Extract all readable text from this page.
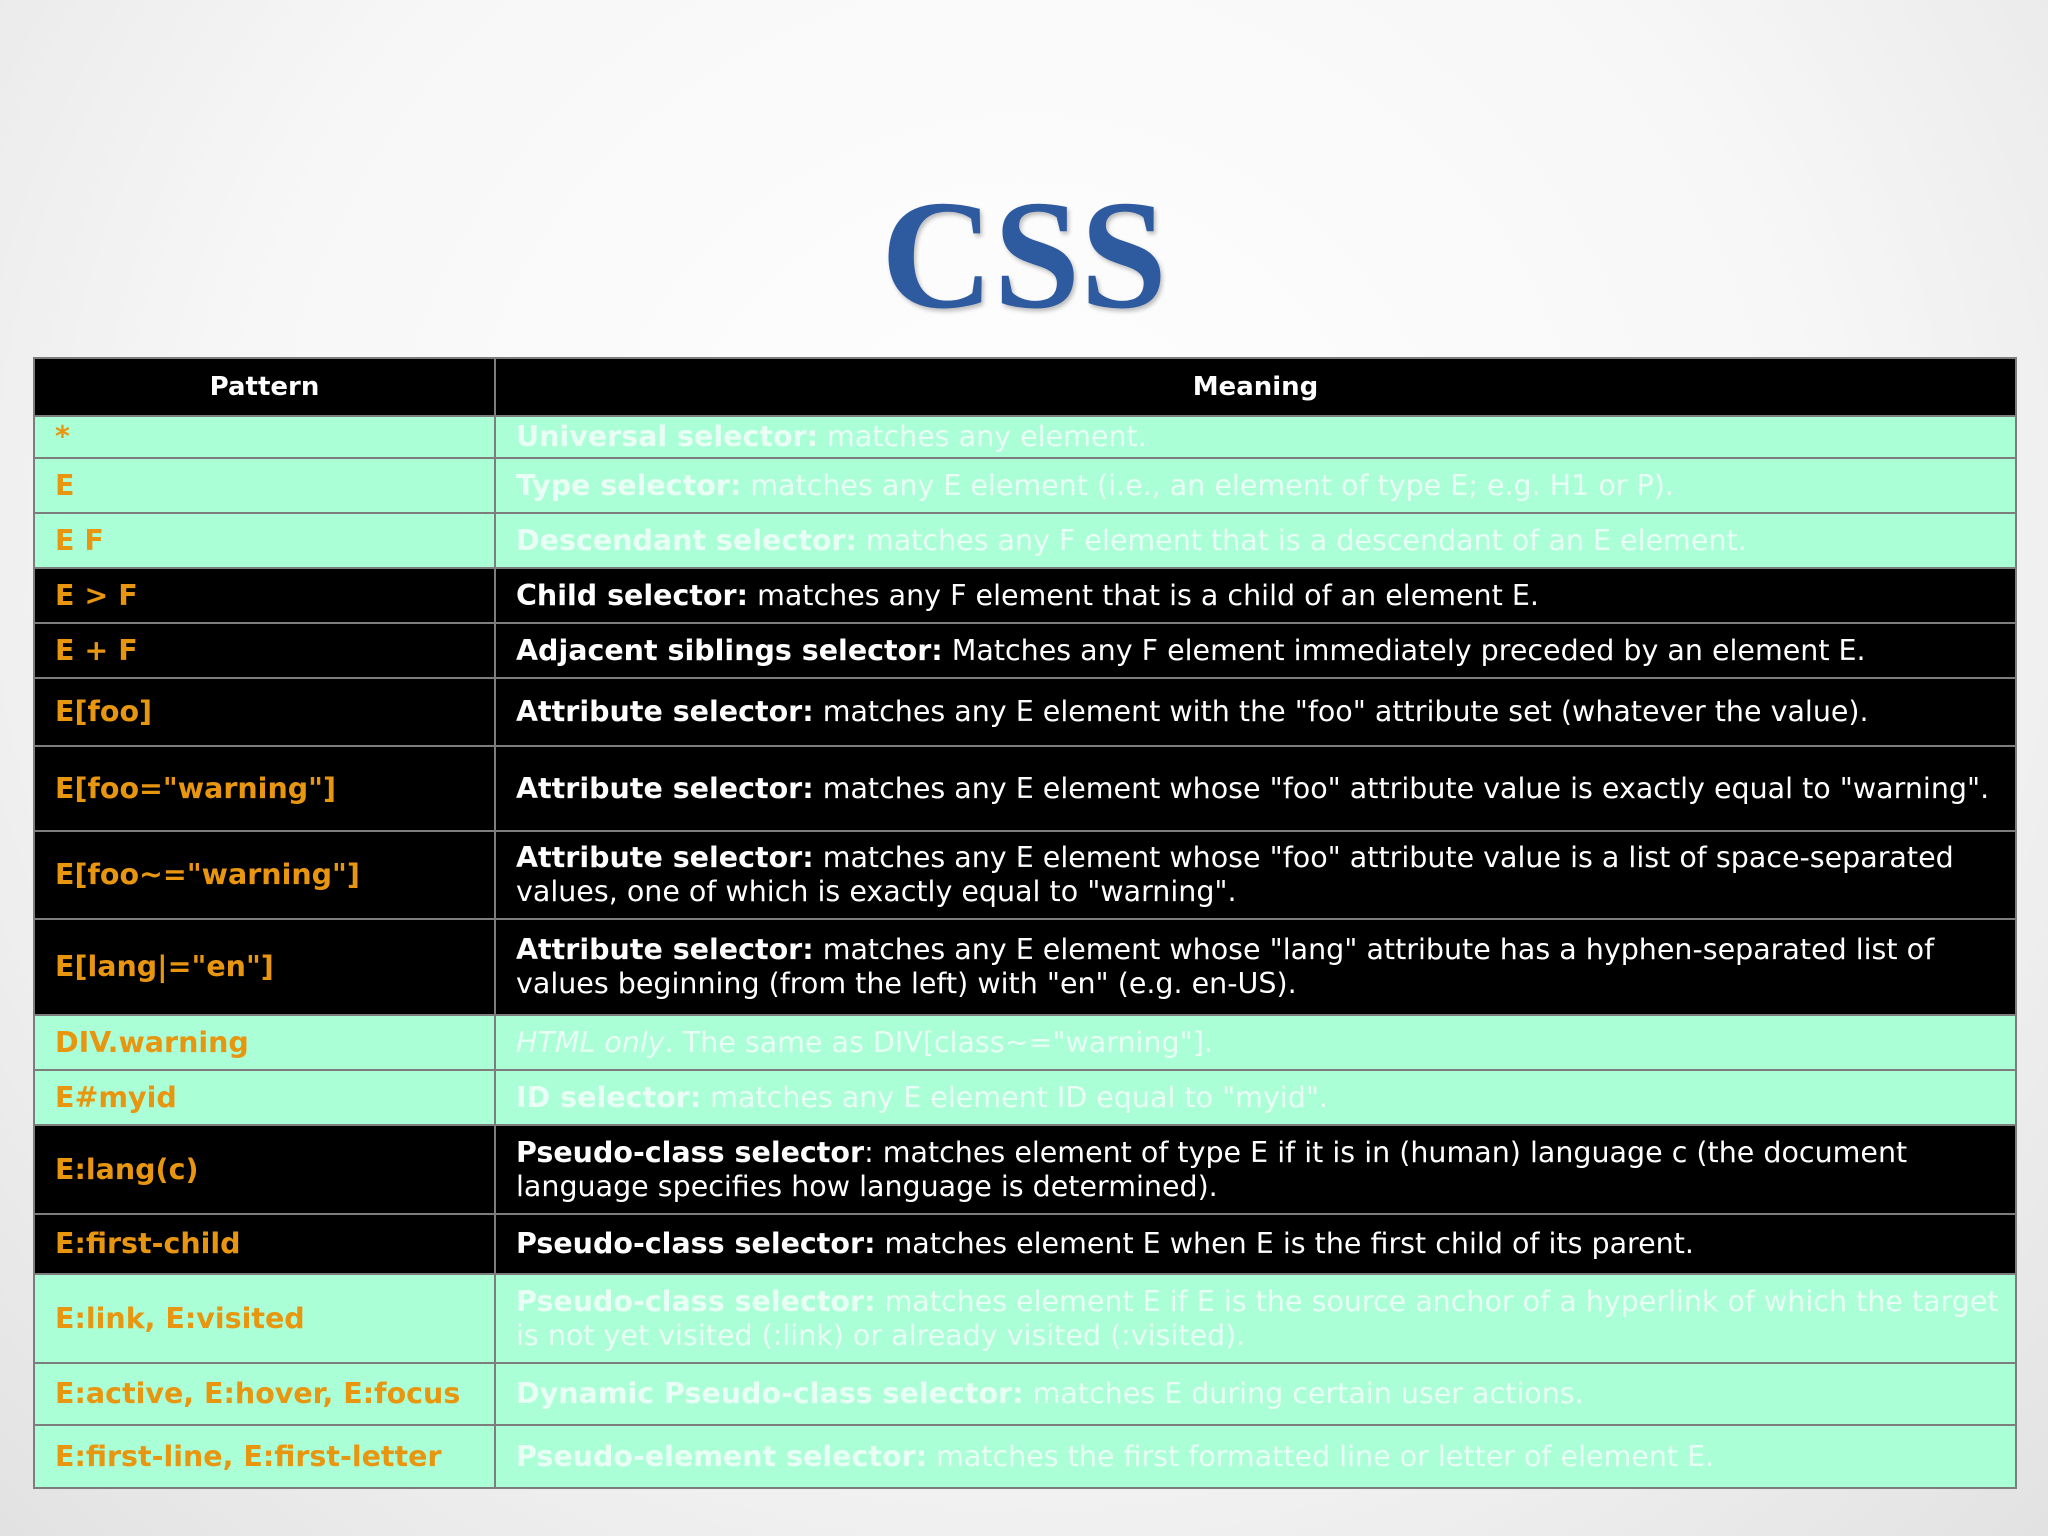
CSS
Pattern	Meaning
*	Universal selector: matches any element.
E	Type selector: matches any E element (i.e., an element of type E; e.g. H1 or P).
E F	Descendant selector: matches any F element that is a descendant of an E element.
E > F	Child selector: matches any F element that is a child of an element E.
E + F	Adjacent siblings selector: Matches any F element immediately preceded by an element E.
E[foo]	Attribute selector: matches any E element with the "foo" attribute set (whatever the value).
E[foo="warning"]	Attribute selector: matches any E element whose "foo" attribute value is exactly equal to "warning".
E[foo~="warning"]	Attribute selector: matches any E element whose "foo" attribute value is a list of space-separated values, one of which is exactly equal to "warning".
E[lang|="en"]	Attribute selector: matches any E element whose "lang" attribute has a hyphen-separated list of values beginning (from the left) with "en" (e.g. en-US).
DIV.warning	HTML only. The same as DIV[class~="warning"].
E#myid	ID selector: matches any E element ID equal to "myid".
E:lang(c)	Pseudo-class selector: matches element of type E if it is in (human) language c (the document language specifies how language is determined).
E:first-child	Pseudo-class selector: matches element E when E is the first child of its parent.
E:link, E:visited	Pseudo-class selector: matches element E if E is the source anchor of a hyperlink of which the target is not yet visited (:link) or already visited (:visited).
E:active, E:hover, E:focus	Dynamic Pseudo-class selector: matches E during certain user actions.
E:first-line, E:first-letter	Pseudo-element selector: matches the first formatted line or letter of element E.
